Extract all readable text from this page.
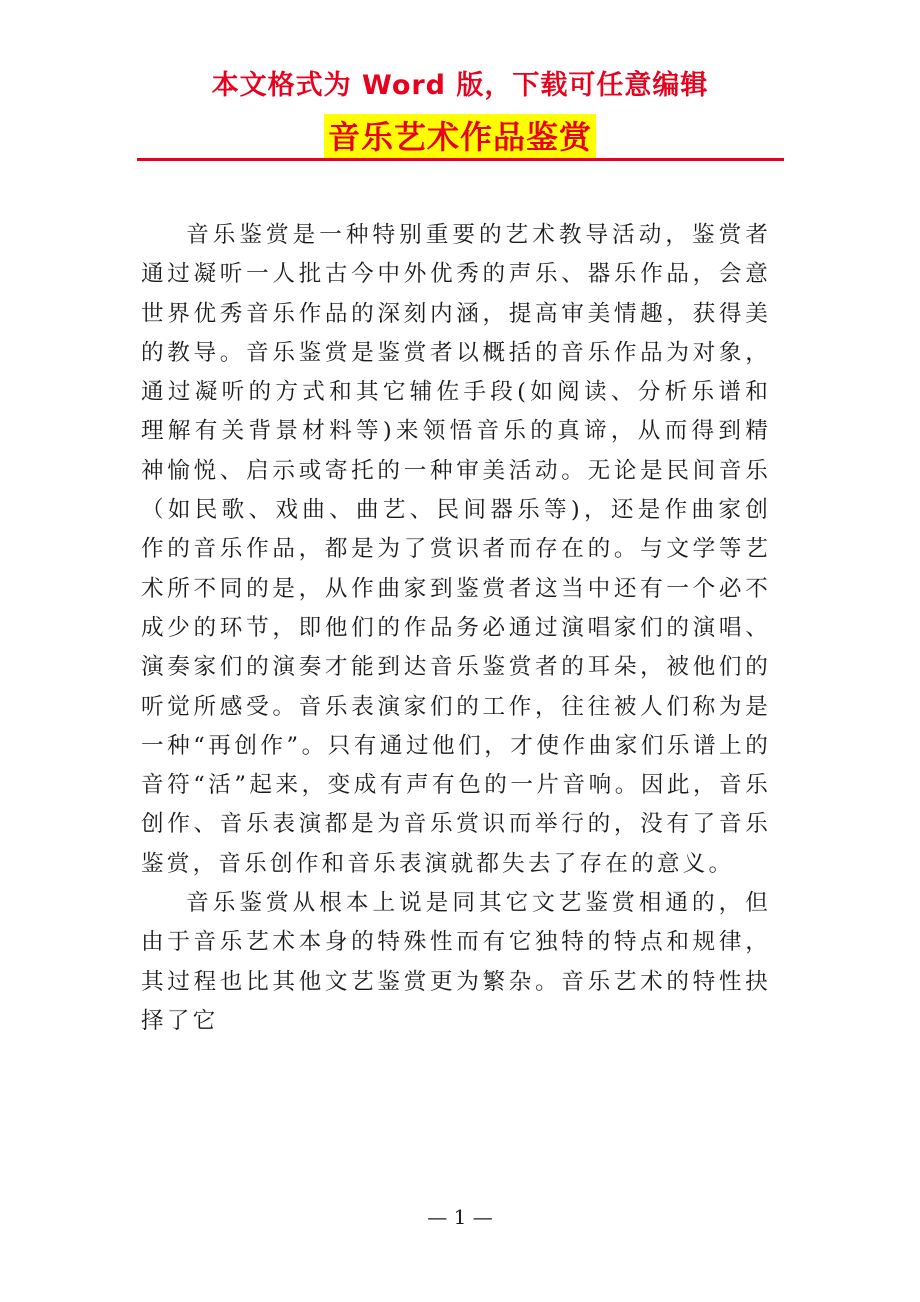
本文格式为 Word 版，下载可任意编辑
音乐艺术作品鉴赏

音乐鉴赏是一种特别重要的艺术教导活动，鉴赏者通过凝听一人批古今中外优秀的声乐、器乐作品，会意世界优秀音乐作品的深刻内涵，提高审美情趣，获得美的教导。音乐鉴赏是鉴赏者以概括的音乐作品为对象，通过凝听的方式和其它辅佐手段(如阅读、分析乐谱和理解有关背景材料等)来领悟音乐的真谛，从而得到精神愉悦、启示或寄托的一种审美活动。无论是民间音乐（如民歌、戏曲、曲艺、民间器乐等)，还是作曲家创作的音乐作品，都是为了赏识者而存在的。与文学等艺术所不同的是，从作曲家到鉴赏者这当中还有一个必不成少的环节，即他们的作品务必通过演唱家们的演唱、演奏家们的演奏才能到达音乐鉴赏者的耳朵，被他们的听觉所感受。音乐表演家们的工作，往往被人们称为是一种“再创作”。只有通过他们，才使作曲家们乐谱上的音符“活”起来，变成有声有色的一片音响。因此，音乐创作、音乐表演都是为音乐赏识而举行的，没有了音乐鉴赏，音乐创作和音乐表演就都失去了存在的意义。

音乐鉴赏从根本上说是同其它文艺鉴赏相通的，但由于音乐艺术本身的特殊性而有它独特的特点和规律，其过程也比其他文艺鉴赏更为繁杂。音乐艺术的特性抉择了它

— 1 —
